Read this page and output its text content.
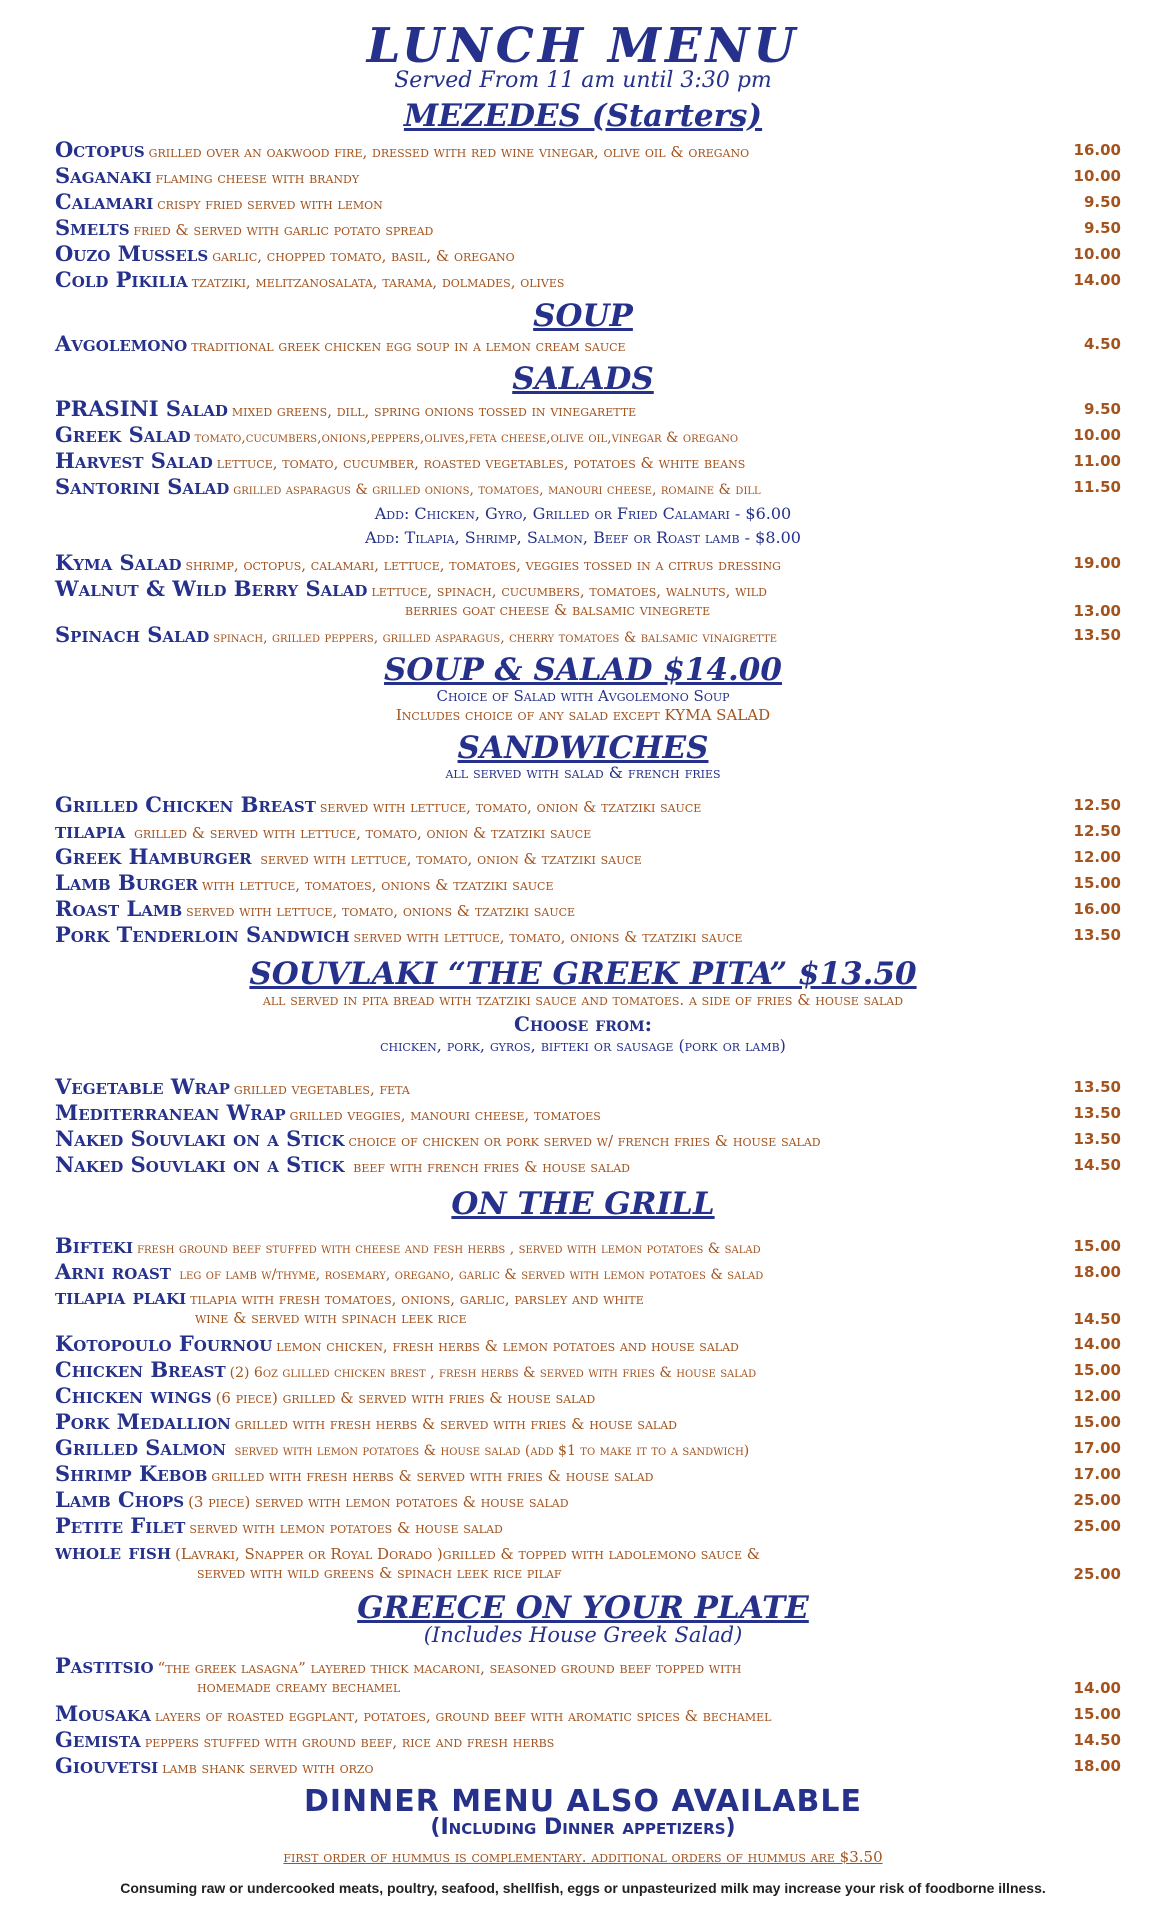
LUNCH MENU
Served From 11 am until 3:30 pm
MEZEDES (Starters)
Octopus grilled over an oakwood fire, dressed with red wine vinegar, olive oil & oregano	16.00
Saganaki flaming cheese with brandy	10.00
Calamari crispy fried served with lemon	9.50
Smelts fried & served with garlic potato spread	9.50
Ouzo Mussels garlic, chopped tomato, basil, & oregano	10.00
Cold Pikilia tzatziki, melitzanosalata, tarama, dolmades, olives	14.00
SOUP
Avgolemono traditional greek chicken egg soup in a lemon cream sauce	4.50
SALADS
PRASINI Salad mixed greens, dill, spring onions tossed in vinegarette	9.50
Greek Salad tomato,cucumbers,onions,peppers,olives,feta cheese,olive oil,vinegar & oregano	10.00
Harvest Salad lettuce, tomato, cucumber, roasted vegetables, potatoes & white beans	11.00
Santorini Salad grilled asparagus & grilled onions, tomatoes, manouri cheese, romaine & dill	11.50
Add: Chicken, Gyro, Grilled or Fried Calamari - $6.00
Add: Tilapia, Shrimp, Salmon, Beef or Roast lamb - $8.00
Kyma Salad shrimp, octopus, calamari, lettuce, tomatoes, veggies tossed in a citrus dressing	19.00
Walnut & Wild Berry Salad lettuce, spinach, cucumbers, tomatoes, walnuts, wild
berries goat cheese & balsamic vinegrete	13.00
Spinach Salad spinach, grilled peppers, grilled asparagus, cherry tomatoes & balsamic vinaigrette	13.50
SOUP & SALAD $14.00
Choice of Salad with Avgolemono Soup
Includes choice of any salad except KYMA SALAD
SANDWICHES
all served with salad & french fries
Grilled Chicken Breast served with lettuce, tomato, onion & tzatziki sauce	12.50
tilapia grilled & served with lettuce, tomato, onion & tzatziki sauce	12.50
Greek Hamburger served with lettuce, tomato, onion & tzatziki sauce	12.00
Lamb Burger with lettuce, tomatoes, onions & tzatziki sauce	15.00
Roast Lamb served with lettuce, tomato, onions & tzatziki sauce	16.00
Pork Tenderloin Sandwich served with lettuce, tomato, onions & tzatziki sauce	13.50
SOUVLAKI “THE GREEK PITA” $13.50
all served in pita bread with tzatziki sauce and tomatoes. a side of fries & house salad
Choose from:
chicken, pork, gyros, bifteki or sausage (pork or lamb)
Vegetable Wrap grilled vegetables, feta	13.50
Mediterranean Wrap grilled veggies, manouri cheese, tomatoes	13.50
Naked Souvlaki on a Stick choice of chicken or pork served w/ french fries & house salad	13.50
Naked Souvlaki on a Stick beef with french fries & house salad	14.50
ON THE GRILL
Bifteki fresh ground beef stuffed with cheese and fesh herbs , served with lemon potatoes & salad	15.00
Arni roast leg of lamb w/thyme, rosemary, oregano, garlic & served with lemon potatoes & salad	18.00
tilapia plaki tilapia with fresh tomatoes, onions, garlic, parsley and white
wine & served with spinach leek rice	14.50
Kotopoulo Fournou lemon chicken, fresh herbs & lemon potatoes and house salad	14.00
Chicken Breast (2) 6oz glilled chicken brest , fresh herbs & served with fries & house salad	15.00
Chicken wings (6 piece) grilled & served with fries & house salad	12.00
Pork Medallion grilled with fresh herbs & served with fries & house salad	15.00
Grilled Salmon served with lemon potatoes & house salad (add $1 to make it to a sandwich)	17.00
Shrimp Kebob grilled with fresh herbs & served with fries & house salad	17.00
Lamb Chops (3 piece) served with lemon potatoes & house salad	25.00
Petite Filet served with lemon potatoes & house salad	25.00
whole fish (Lavraki, Snapper or Royal Dorado )grilled & topped with ladolemono sauce &
served with wild greens & spinach leek rice pilaf	25.00
GREECE ON YOUR PLATE
(Includes House Greek Salad)
Pastitsio “the greek lasagna” layered thick macaroni, seasoned ground beef topped with
homemade creamy bechamel	14.00
Mousaka layers of roasted eggplant, potatoes, ground beef with aromatic spices & bechamel	15.00
Gemista peppers stuffed with ground beef, rice and fresh herbs	14.50
Giouvetsi lamb shank served with orzo	18.00
DINNER MENU ALSO AVAILABLE
(Including Dinner appetizers)
first order of hummus is complementary. additional orders of hummus are $3.50
Consuming raw or undercooked meats, poultry, seafood, shellfish, eggs or unpasteurized milk may increase your risk of foodborne illness.
